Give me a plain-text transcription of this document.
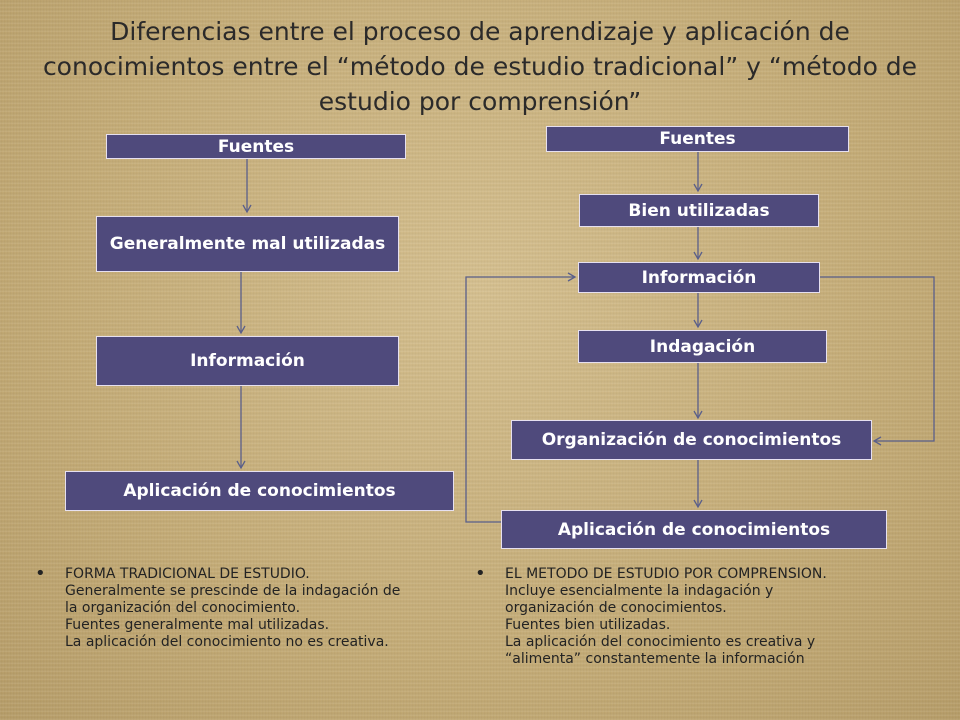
Diferencias entre el proceso de aprendizaje y aplicación de
conocimientos entre el “método de estudio tradicional” y “método de
estudio por comprensión”
Fuentes
Generalmente mal utilizadas
Información
Aplicación de conocimientos
Fuentes
Bien utilizadas
Información
Indagación
Organización de conocimientos
Aplicación de conocimientos
• FORMA TRADICIONAL DE ESTUDIO.
Generalmente se prescinde de la indagación de
la organización del conocimiento.
Fuentes generalmente mal utilizadas.
La aplicación del conocimiento no es creativa.
• EL METODO DE ESTUDIO POR COMPRENSION.
Incluye esencialmente la indagación y
organización de conocimientos.
Fuentes bien utilizadas.
La aplicación del conocimiento es creativa y
“alimenta” constantemente la información
